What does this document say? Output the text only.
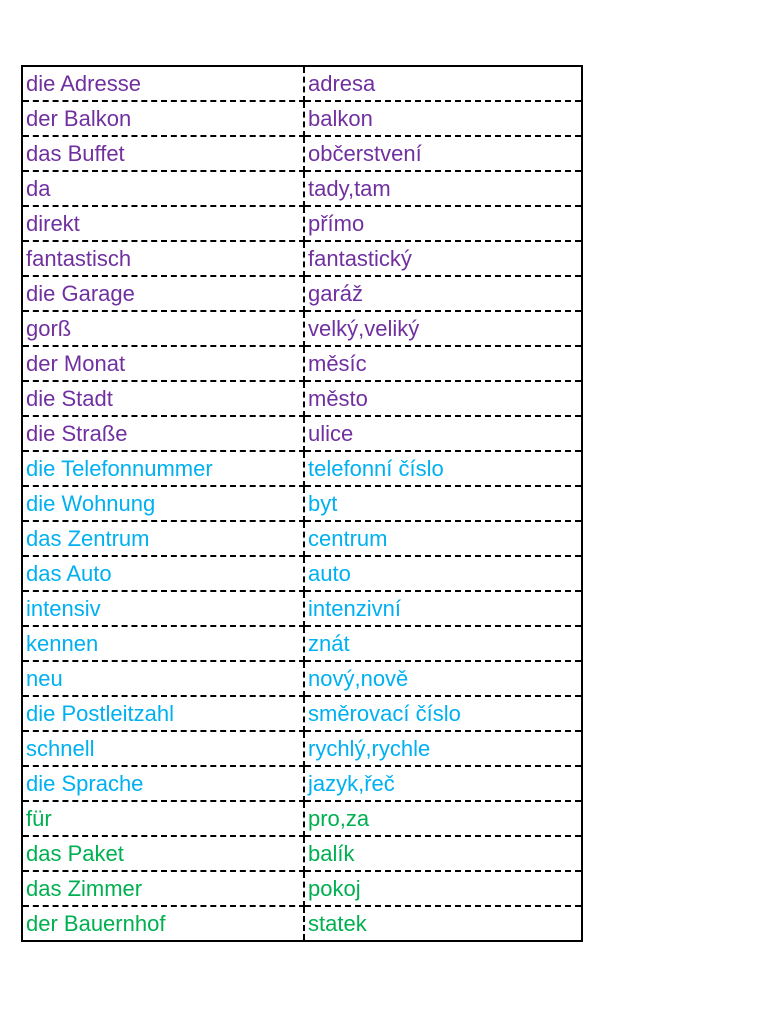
die Adresse	adresa
der Balkon	balkon
das Buffet	občerstvení
da	tady,tam
direkt	přímo
fantastisch	fantastický
die Garage	garáž
gorß	velký,veliký
der Monat	měsíc
die Stadt	město
die Straße	ulice
die Telefonnummer	telefonní číslo
die Wohnung	byt
das Zentrum	centrum
das Auto	auto
intensiv	intenzivní
kennen	znát
neu	nový,nově
die Postleitzahl	směrovací číslo
schnell	rychlý,rychle
die Sprache	jazyk,řeč
für	pro,za
das Paket	balík
das Zimmer	pokoj
der Bauernhof	statek
